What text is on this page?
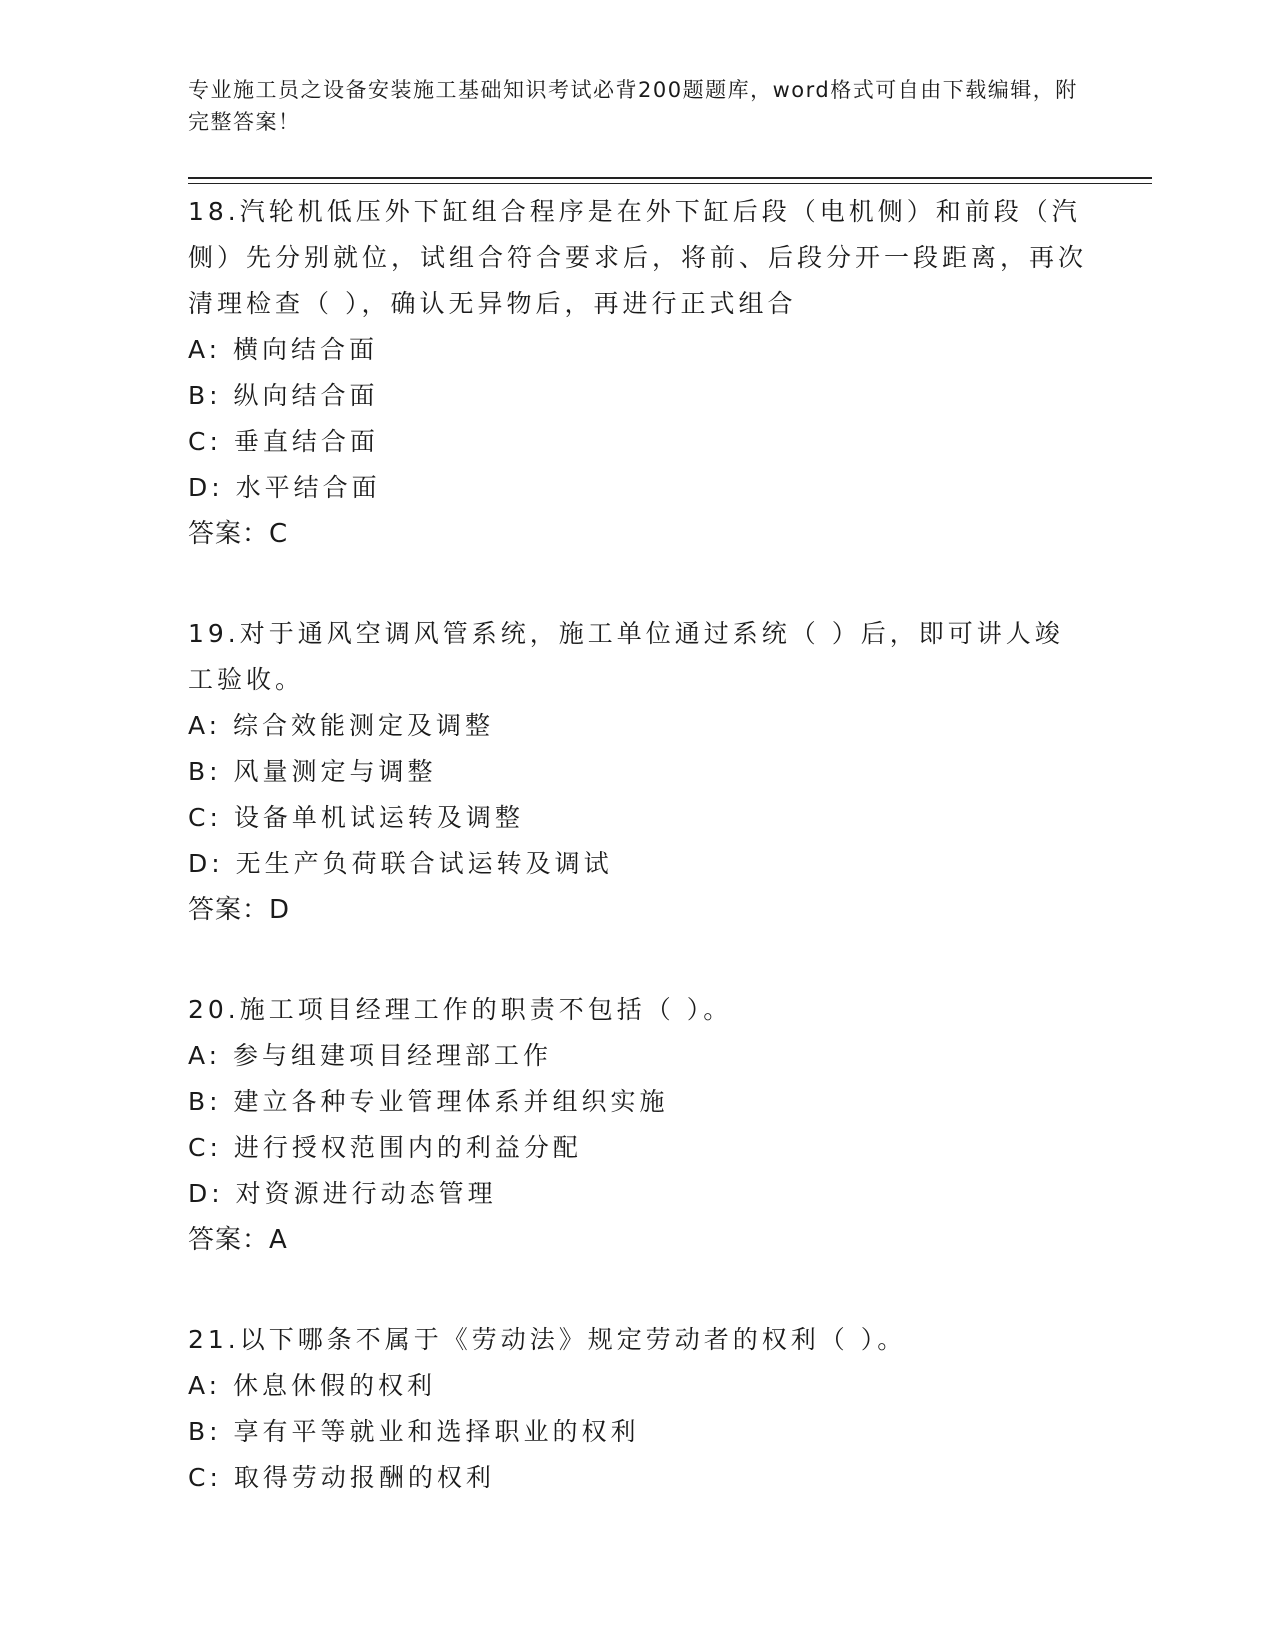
专业施工员之设备安装施工基础知识考试必背200题题库，word格式可自由下载编辑，附完整答案！

18.汽轮机低压外下缸组合程序是在外下缸后段（电机侧）和前段（汽侧）先分别就位，试组合符合要求后，将前、后段分开一段距离，再次清理检查（ ），确认无异物后，再进行正式组合

A: 横向结合面

B: 纵向结合面

C: 垂直结合面

D: 水平结合面

答案：C

19.对于通风空调风管系统，施工单位通过系统（ ）后，即可讲人竣工验收。

A: 综合效能测定及调整

B: 风量测定与调整

C: 设备单机试运转及调整

D: 无生产负荷联合试运转及调试

答案：D

20.施工项目经理工作的职责不包括（ ）。

A: 参与组建项目经理部工作

B: 建立各种专业管理体系并组织实施

C: 进行授权范围内的利益分配

D: 对资源进行动态管理

答案：A

21.以下哪条不属于《劳动法》规定劳动者的权利（ ）。

A: 休息休假的权利

B: 享有平等就业和选择职业的权利

C: 取得劳动报酬的权利
